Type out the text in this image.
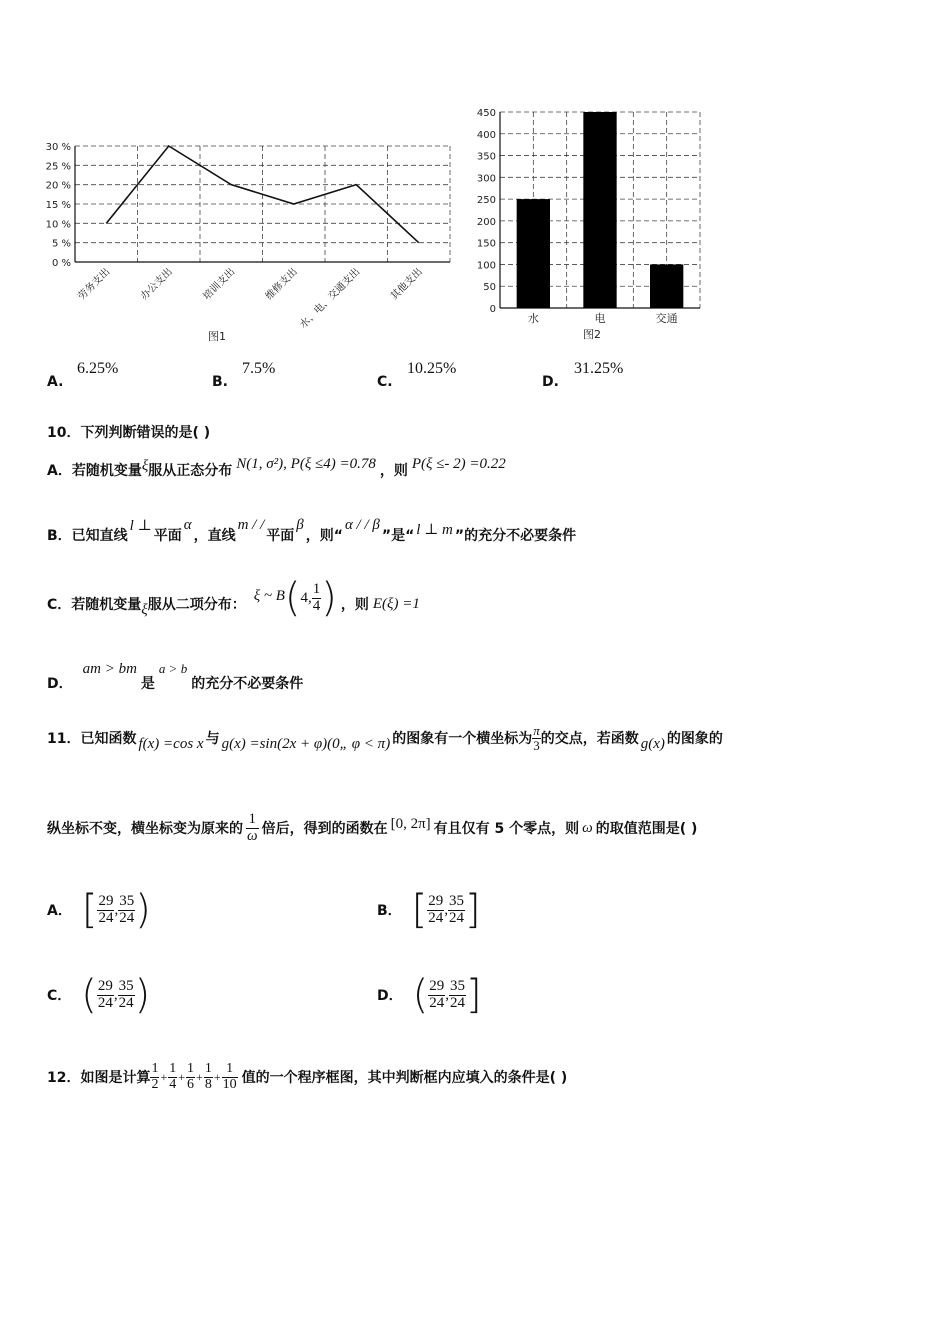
0 %
5 %
10 %
15 %
20 %
25 %
30 %
劳务支出	办公支出	培训支出	维修支出
水、电、交通支出	其他支出
图1
0
50
100
150
200
250
300
350
400
450
水	电	交通
图2
A.
6.25%
B.
7.5%
C.
10.25%
D.
31.25%
10．下列判断错误的是( )
A． 若随机变量 ξ 服从正态分布 N(1, σ²), P(ξ ≤4) =0.78 ，则 P(ξ ≤- 2) =0.22
B． 已知直线
l ⊥
平面
α
，直线
m / /
平面
β
，则“
α / / β
”是“ l ⊥ m ”的充分不必要条件
C． 若随机变量 ξ 服从二项分布：
ξ ~ B ( 4, $\frac{1}{4}$ ) ，则 E(ξ) =1
D．
am > bm
是
a > b
的充分不必要条件
11．已知函数 f(x) =cos x 与 g(x) =sin(2x + φ)(0„ φ < π) 的图象有一个横坐标为 $\frac{\pi}{3}$ 的交点，若函数 g(x) 的图象的
纵坐标不变，横坐标变为原来的 $\frac{1}{\omega}$ 倍后，得到的函数在 [0, 2π] 有且仅有 5 个零点，则 ω 的取值范围是( )
A． [ $\frac{29}{24}$ , $\frac{35}{24}$ )	B． [ $\frac{29}{24}$ , $\frac{35}{24}$ ]
C． ( $\frac{29}{24}$ , $\frac{35}{24}$ )	D． ( $\frac{29}{24}$ , $\frac{35}{24}$ ]
12．如图是计算 $\frac{1}{2} + \frac{1}{4} + \frac{1}{6} + \frac{1}{8} + \frac{1}{10}$ 值的一个程序框图，其中判断框内应填入的条件是( )
